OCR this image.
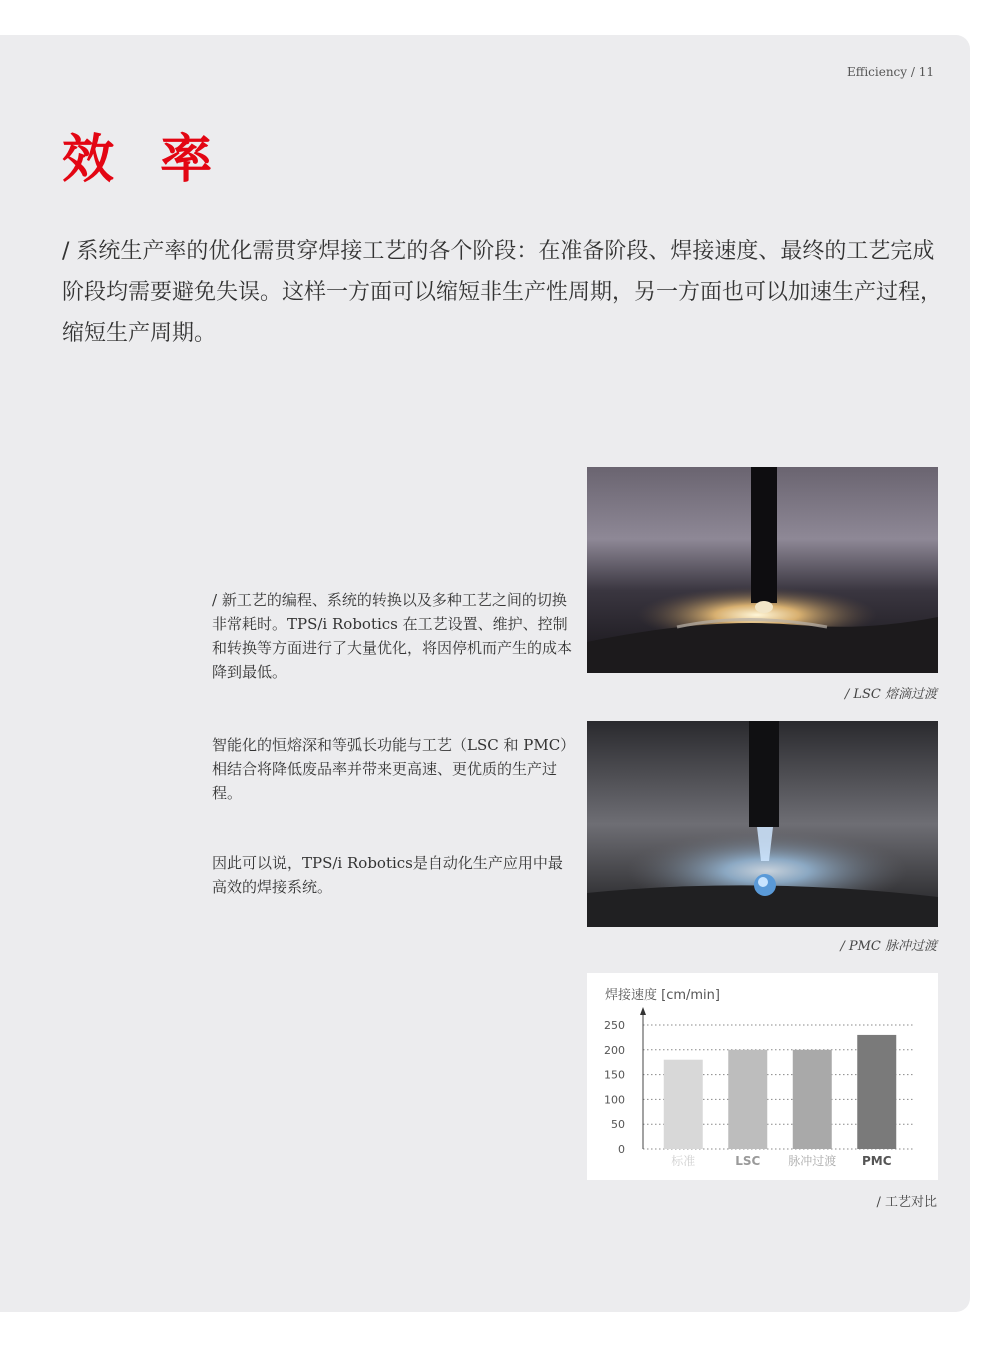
Efficiency / 11
效 率
/ 系统生产率的优化需贯穿焊接工艺的各个阶段：在准备阶段、焊接速度、最终的工艺完成阶段均需要避免失误。这样一方面可以缩短非生产性周期，另一方面也可以加速生产过程，缩短生产周期。
/ 新工艺的编程、系统的转换以及多种工艺之间的切换非常耗时。TPS/i Robotics 在工艺设置、维护、控制和转换等方面进行了大量优化，将因停机而产生的成本降到最低。
智能化的恒熔深和等弧长功能与工艺（LSC 和 PMC）相结合将降低废品率并带来更高速、更优质的生产过程。
因此可以说，TPS/i Robotics是自动化生产应用中最高效的焊接系统。
/ LSC 熔滴过渡
/ PMC 脉冲过渡
焊接速度 [cm/min]
0
50
100
150
200
250
标准	LSC 脉冲过渡 PMC
/ 工艺对比
